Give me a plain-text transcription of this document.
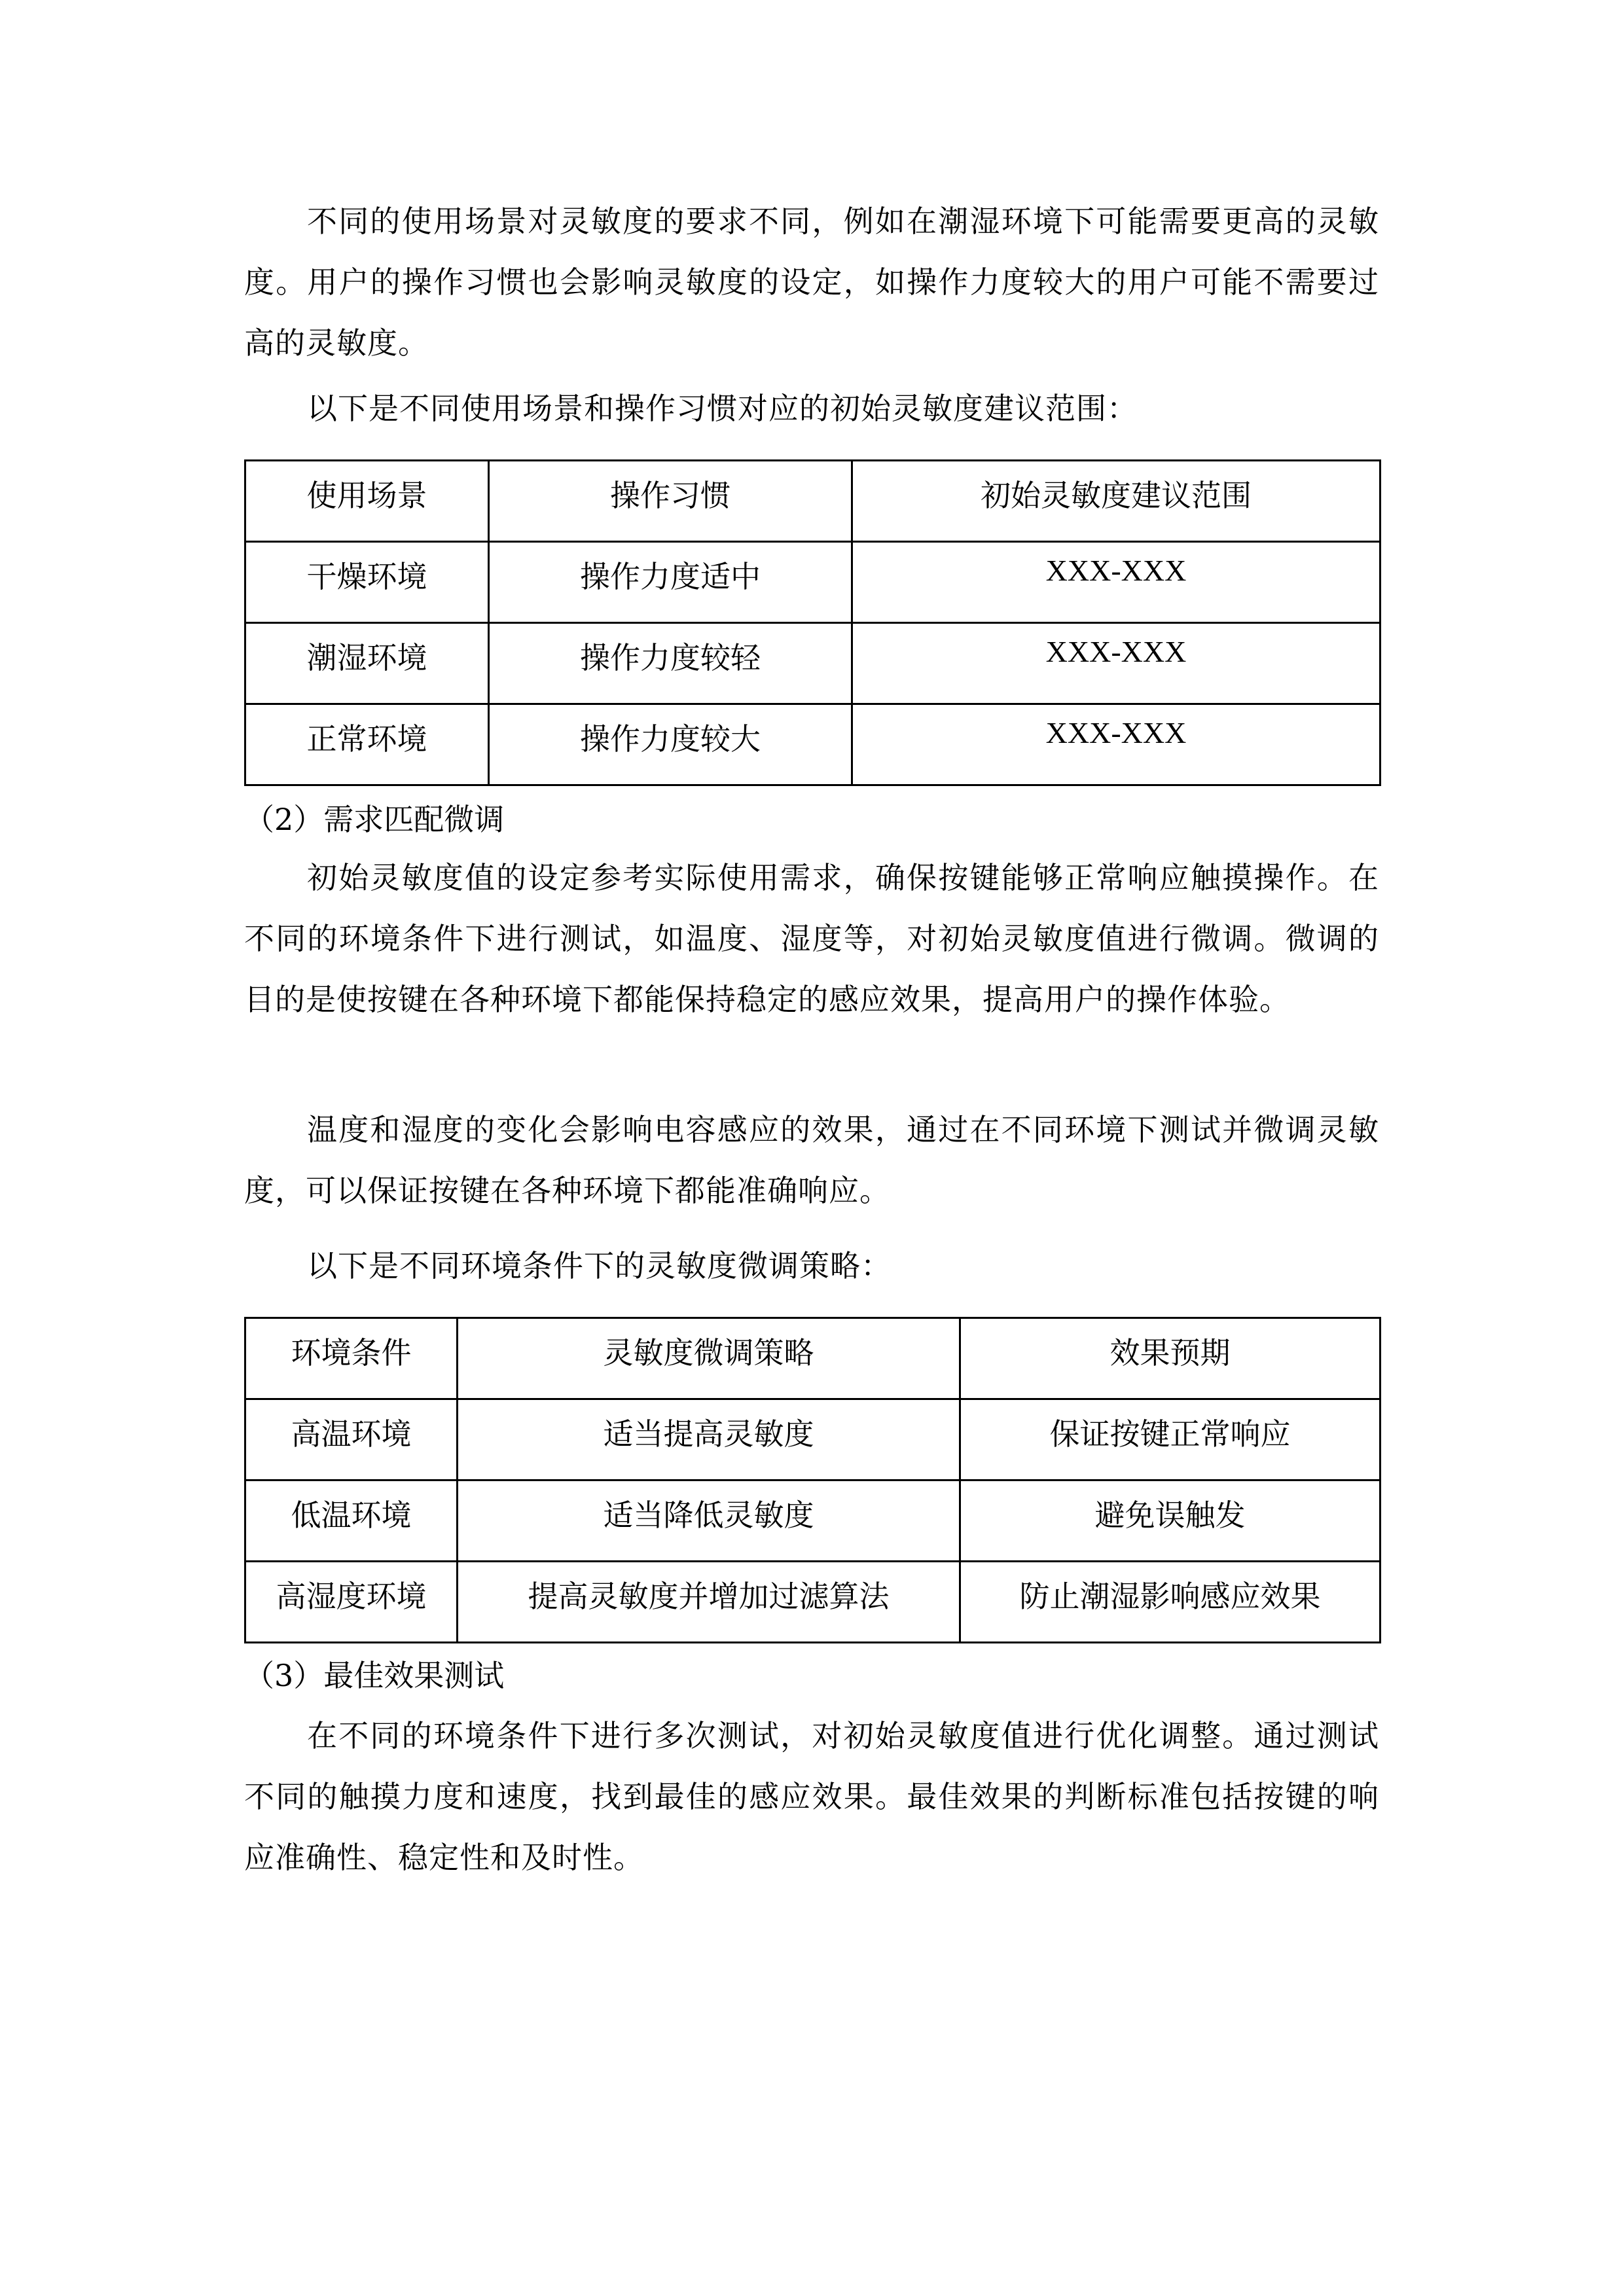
不同的使用场景对灵敏度的要求不同，例如在潮湿环境下可能需要更高的灵敏度。用户的操作习惯也会影响灵敏度的设定，如操作力度较大的用户可能不需要过高的灵敏度。

以下是不同使用场景和操作习惯对应的初始灵敏度建议范围：

使用场景	操作习惯	初始灵敏度建议范围
干燥环境	操作力度适中	XXX-XXX
潮湿环境	操作力度较轻	XXX-XXX
正常环境	操作力度较大	XXX-XXX

（2）需求匹配微调

初始灵敏度值的设定参考实际使用需求，确保按键能够正常响应触摸操作。在不同的环境条件下进行测试，如温度、湿度等，对初始灵敏度值进行微调。微调的目的是使按键在各种环境下都能保持稳定的感应效果，提高用户的操作体验。

温度和湿度的变化会影响电容感应的效果，通过在不同环境下测试并微调灵敏度，可以保证按键在各种环境下都能准确响应。

以下是不同环境条件下的灵敏度微调策略：

环境条件	灵敏度微调策略	效果预期
高温环境	适当提高灵敏度	保证按键正常响应
低温环境	适当降低灵敏度	避免误触发
高湿度环境	提高灵敏度并增加过滤算法	防止潮湿影响感应效果

（3）最佳效果测试

在不同的环境条件下进行多次测试，对初始灵敏度值进行优化调整。通过测试不同的触摸力度和速度，找到最佳的感应效果。最佳效果的判断标准包括按键的响应准确性、稳定性和及时性。
